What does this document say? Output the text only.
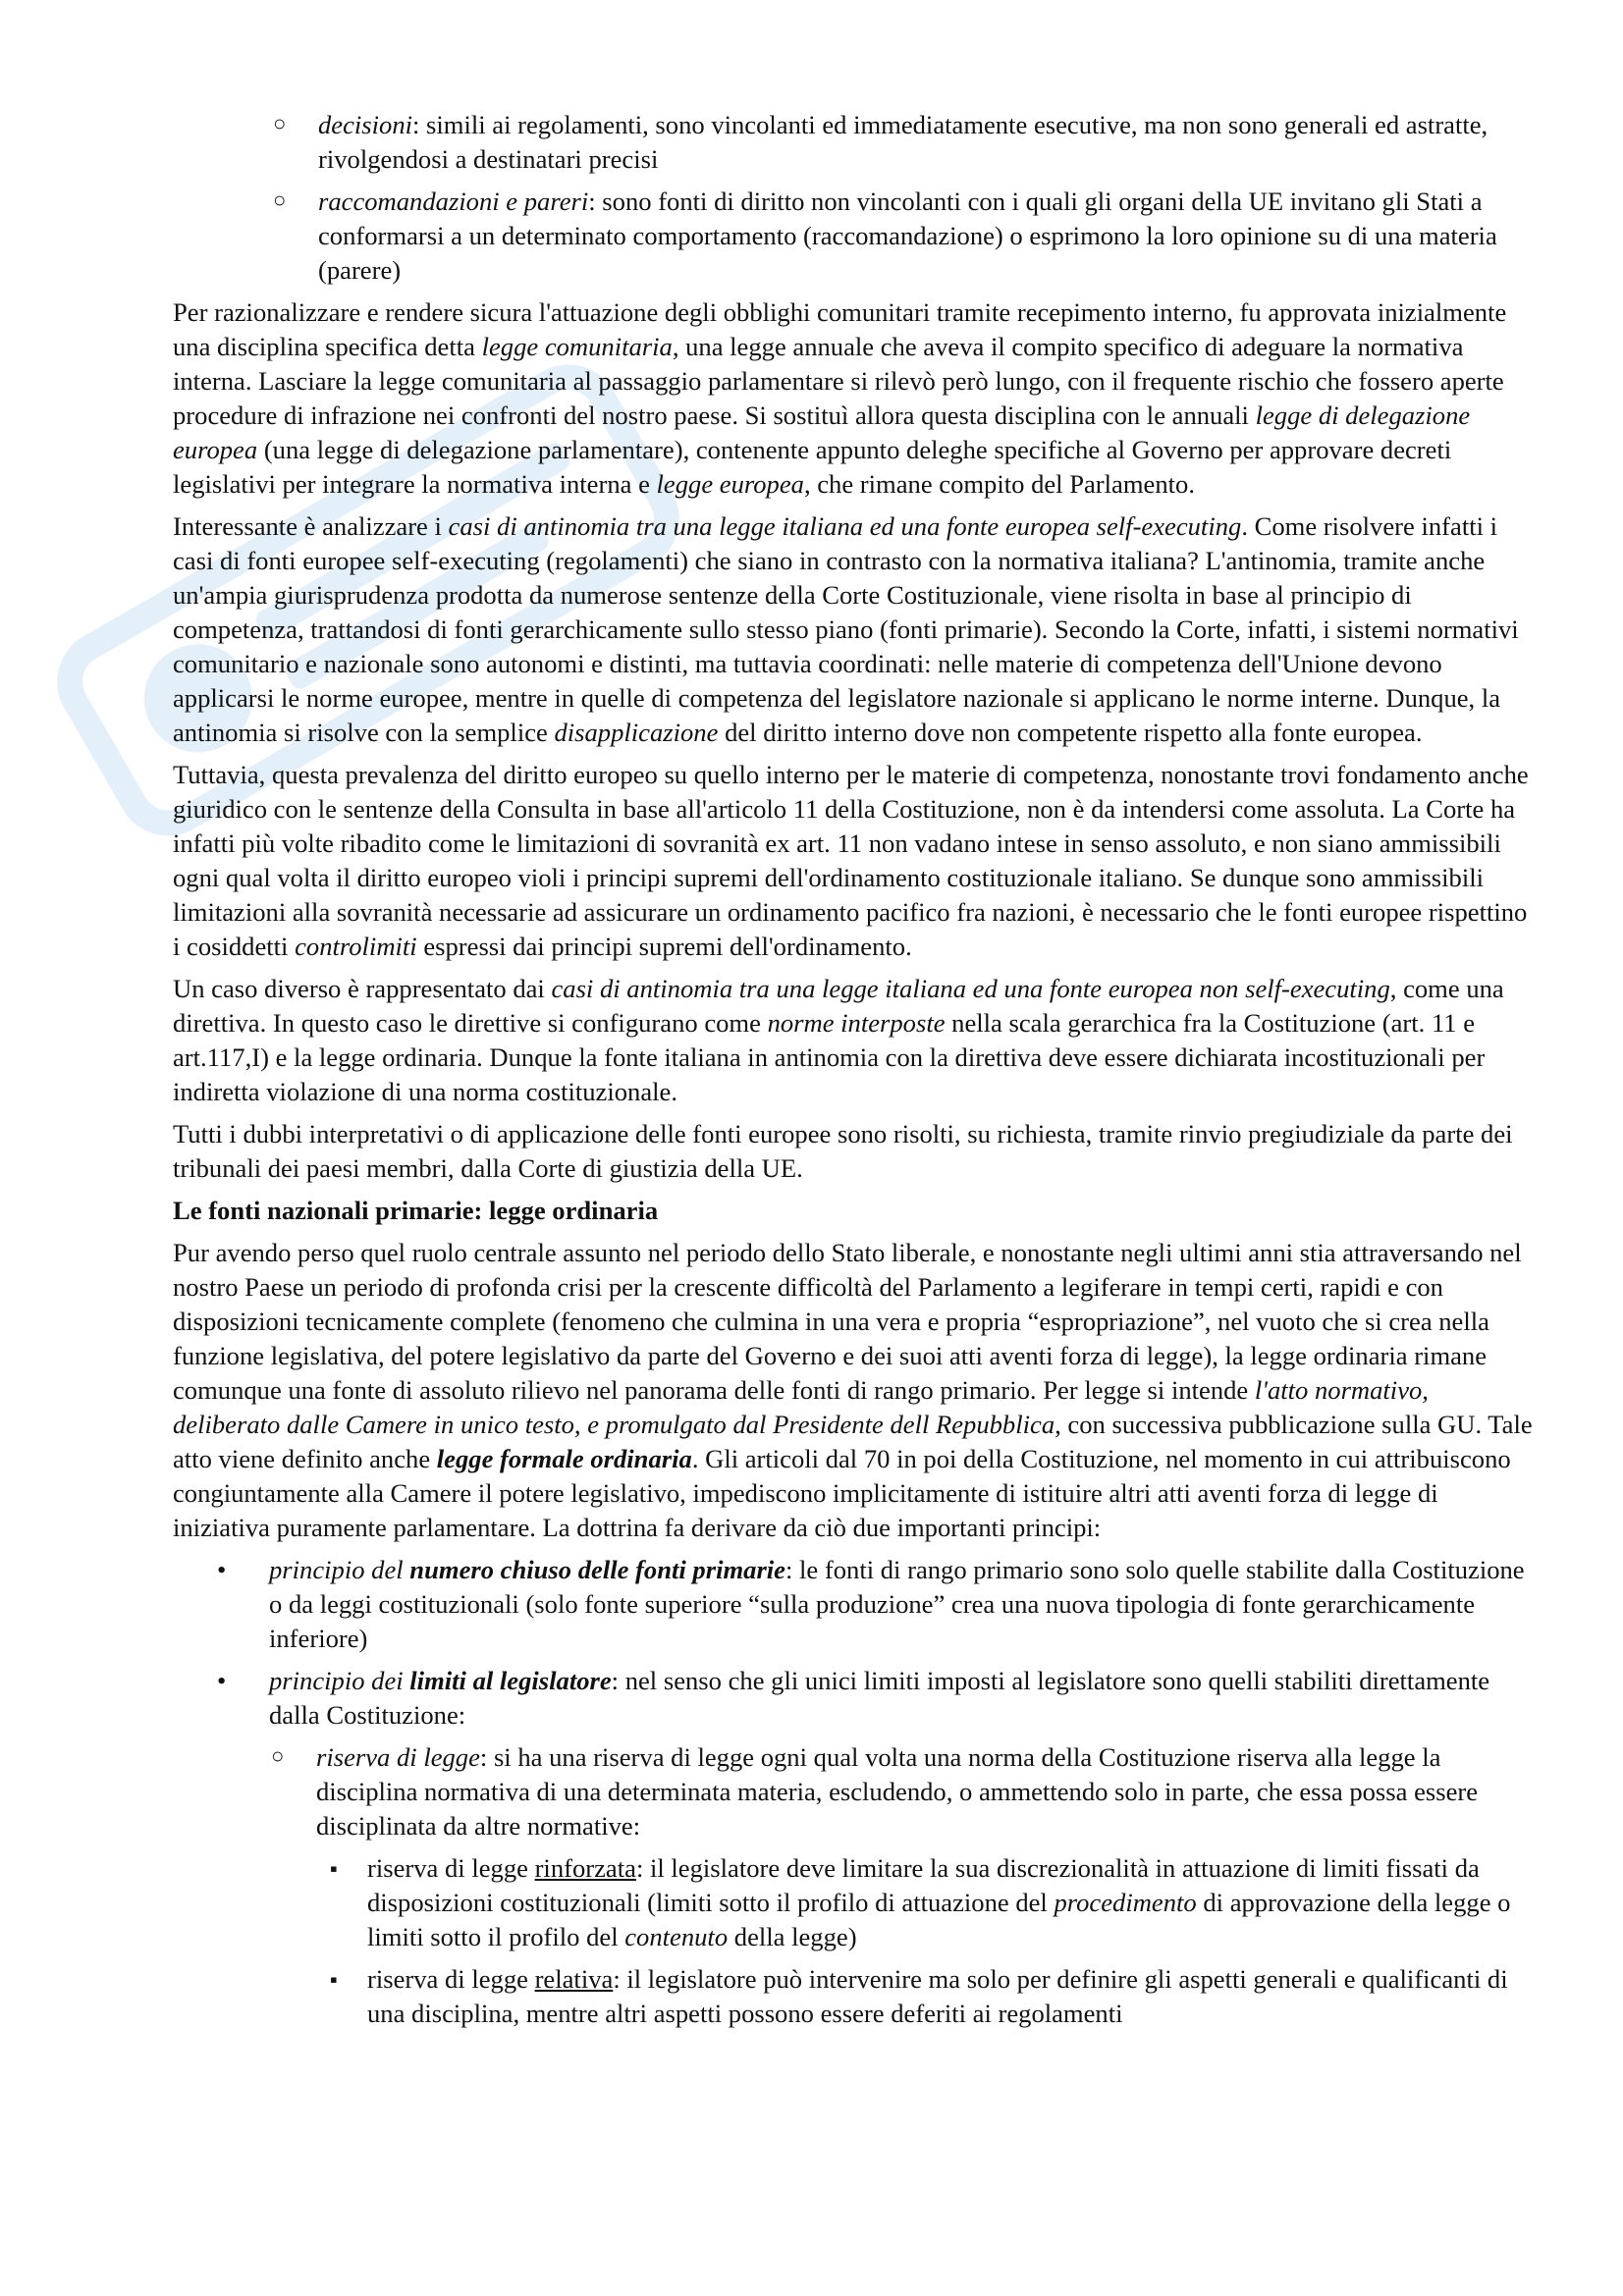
○ decisioni: simili ai regolamenti, sono vincolanti ed immediatamente esecutive, ma non sono generali ed astratte, rivolgendosi a destinatari precisi
○ raccomandazioni e pareri: sono fonti di diritto non vincolanti con i quali gli organi della UE invitano gli Stati a conformarsi a un determinato comportamento (raccomandazione) o esprimono la loro opinione su di una materia (parere)

Per razionalizzare e rendere sicura l'attuazione degli obblighi comunitari tramite recepimento interno, fu approvata inizialmente una disciplina specifica detta legge comunitaria, una legge annuale che aveva il compito specifico di adeguare la normativa interna. Lasciare la legge comunitaria al passaggio parlamentare si rilevò però lungo, con il frequente rischio che fossero aperte procedure di infrazione nei confronti del nostro paese. Si sostituì allora questa disciplina con le annuali legge di delegazione europea (una legge di delegazione parlamentare), contenente appunto deleghe specifiche al Governo per approvare decreti legislativi per integrare la normativa interna e legge europea, che rimane compito del Parlamento.

Interessante è analizzare i casi di antinomia tra una legge italiana ed una fonte europea self-executing. Come risolvere infatti i casi di fonti europee self-executing (regolamenti) che siano in contrasto con la normativa italiana? L'antinomia, tramite anche un'ampia giurisprudenza prodotta da numerose sentenze della Corte Costituzionale, viene risolta in base al principio di competenza, trattandosi di fonti gerarchicamente sullo stesso piano (fonti primarie). Secondo la Corte, infatti, i sistemi normativi comunitario e nazionale sono autonomi e distinti, ma tuttavia coordinati: nelle materie di competenza dell'Unione devono applicarsi le norme europee, mentre in quelle di competenza del legislatore nazionale si applicano le norme interne. Dunque, la antinomia si risolve con la semplice disapplicazione del diritto interno dove non competente rispetto alla fonte europea.

Tuttavia, questa prevalenza del diritto europeo su quello interno per le materie di competenza, nonostante trovi fondamento anche giuridico con le sentenze della Consulta in base all'articolo 11 della Costituzione, non è da intendersi come assoluta. La Corte ha infatti più volte ribadito come le limitazioni di sovranità ex art. 11 non vadano intese in senso assoluto, e non siano ammissibili ogni qual volta il diritto europeo violi i principi supremi dell'ordinamento costituzionale italiano. Se dunque sono ammissibili limitazioni alla sovranità necessarie ad assicurare un ordinamento pacifico fra nazioni, è necessario che le fonti europee rispettino i cosiddetti controlimiti espressi dai principi supremi dell'ordinamento.

Un caso diverso è rappresentato dai casi di antinomia tra una legge italiana ed una fonte europea non self-executing, come una direttiva. In questo caso le direttive si configurano come norme interposte nella scala gerarchica fra la Costituzione (art. 11 e art.117,I) e la legge ordinaria. Dunque la fonte italiana in antinomia con la direttiva deve essere dichiarata incostituzionali per indiretta violazione di una norma costituzionale.

Tutti i dubbi interpretativi o di applicazione delle fonti europee sono risolti, su richiesta, tramite rinvio pregiudiziale da parte dei tribunali dei paesi membri, dalla Corte di giustizia della UE.

Le fonti nazionali primarie: legge ordinaria

Pur avendo perso quel ruolo centrale assunto nel periodo dello Stato liberale, e nonostante negli ultimi anni stia attraversando nel nostro Paese un periodo di profonda crisi per la crescente difficoltà del Parlamento a legiferare in tempi certi, rapidi e con disposizioni tecnicamente complete (fenomeno che culmina in una vera e propria “espropriazione”, nel vuoto che si crea nella funzione legislativa, del potere legislativo da parte del Governo e dei suoi atti aventi forza di legge), la legge ordinaria rimane comunque una fonte di assoluto rilievo nel panorama delle fonti di rango primario. Per legge si intende l'atto normativo, deliberato dalle Camere in unico testo, e promulgato dal Presidente dell Repubblica, con successiva pubblicazione sulla GU. Tale atto viene definito anche legge formale ordinaria. Gli articoli dal 70 in poi della Costituzione, nel momento in cui attribuiscono congiuntamente alla Camere il potere legislativo, impediscono implicitamente di istituire altri atti aventi forza di legge di iniziativa puramente parlamentare. La dottrina fa derivare da ciò due importanti principi:

• principio del numero chiuso delle fonti primarie: le fonti di rango primario sono solo quelle stabilite dalla Costituzione o da leggi costituzionali (solo fonte superiore “sulla produzione” crea una nuova tipologia di fonte gerarchicamente inferiore)
• principio dei limiti al legislatore: nel senso che gli unici limiti imposti al legislatore sono quelli stabiliti direttamente dalla Costituzione:
○ riserva di legge: si ha una riserva di legge ogni qual volta una norma della Costituzione riserva alla legge la disciplina normativa di una determinata materia, escludendo, o ammettendo solo in parte, che essa possa essere disciplinata da altre normative:
▪ riserva di legge rinforzata: il legislatore deve limitare la sua discrezionalità in attuazione di limiti fissati da disposizioni costituzionali (limiti sotto il profilo di attuazione del procedimento di approvazione della legge o limiti sotto il profilo del contenuto della legge)
▪ riserva di legge relativa: il legislatore può intervenire ma solo per definire gli aspetti generali e qualificanti di una disciplina, mentre altri aspetti possono essere deferiti ai regolamenti
